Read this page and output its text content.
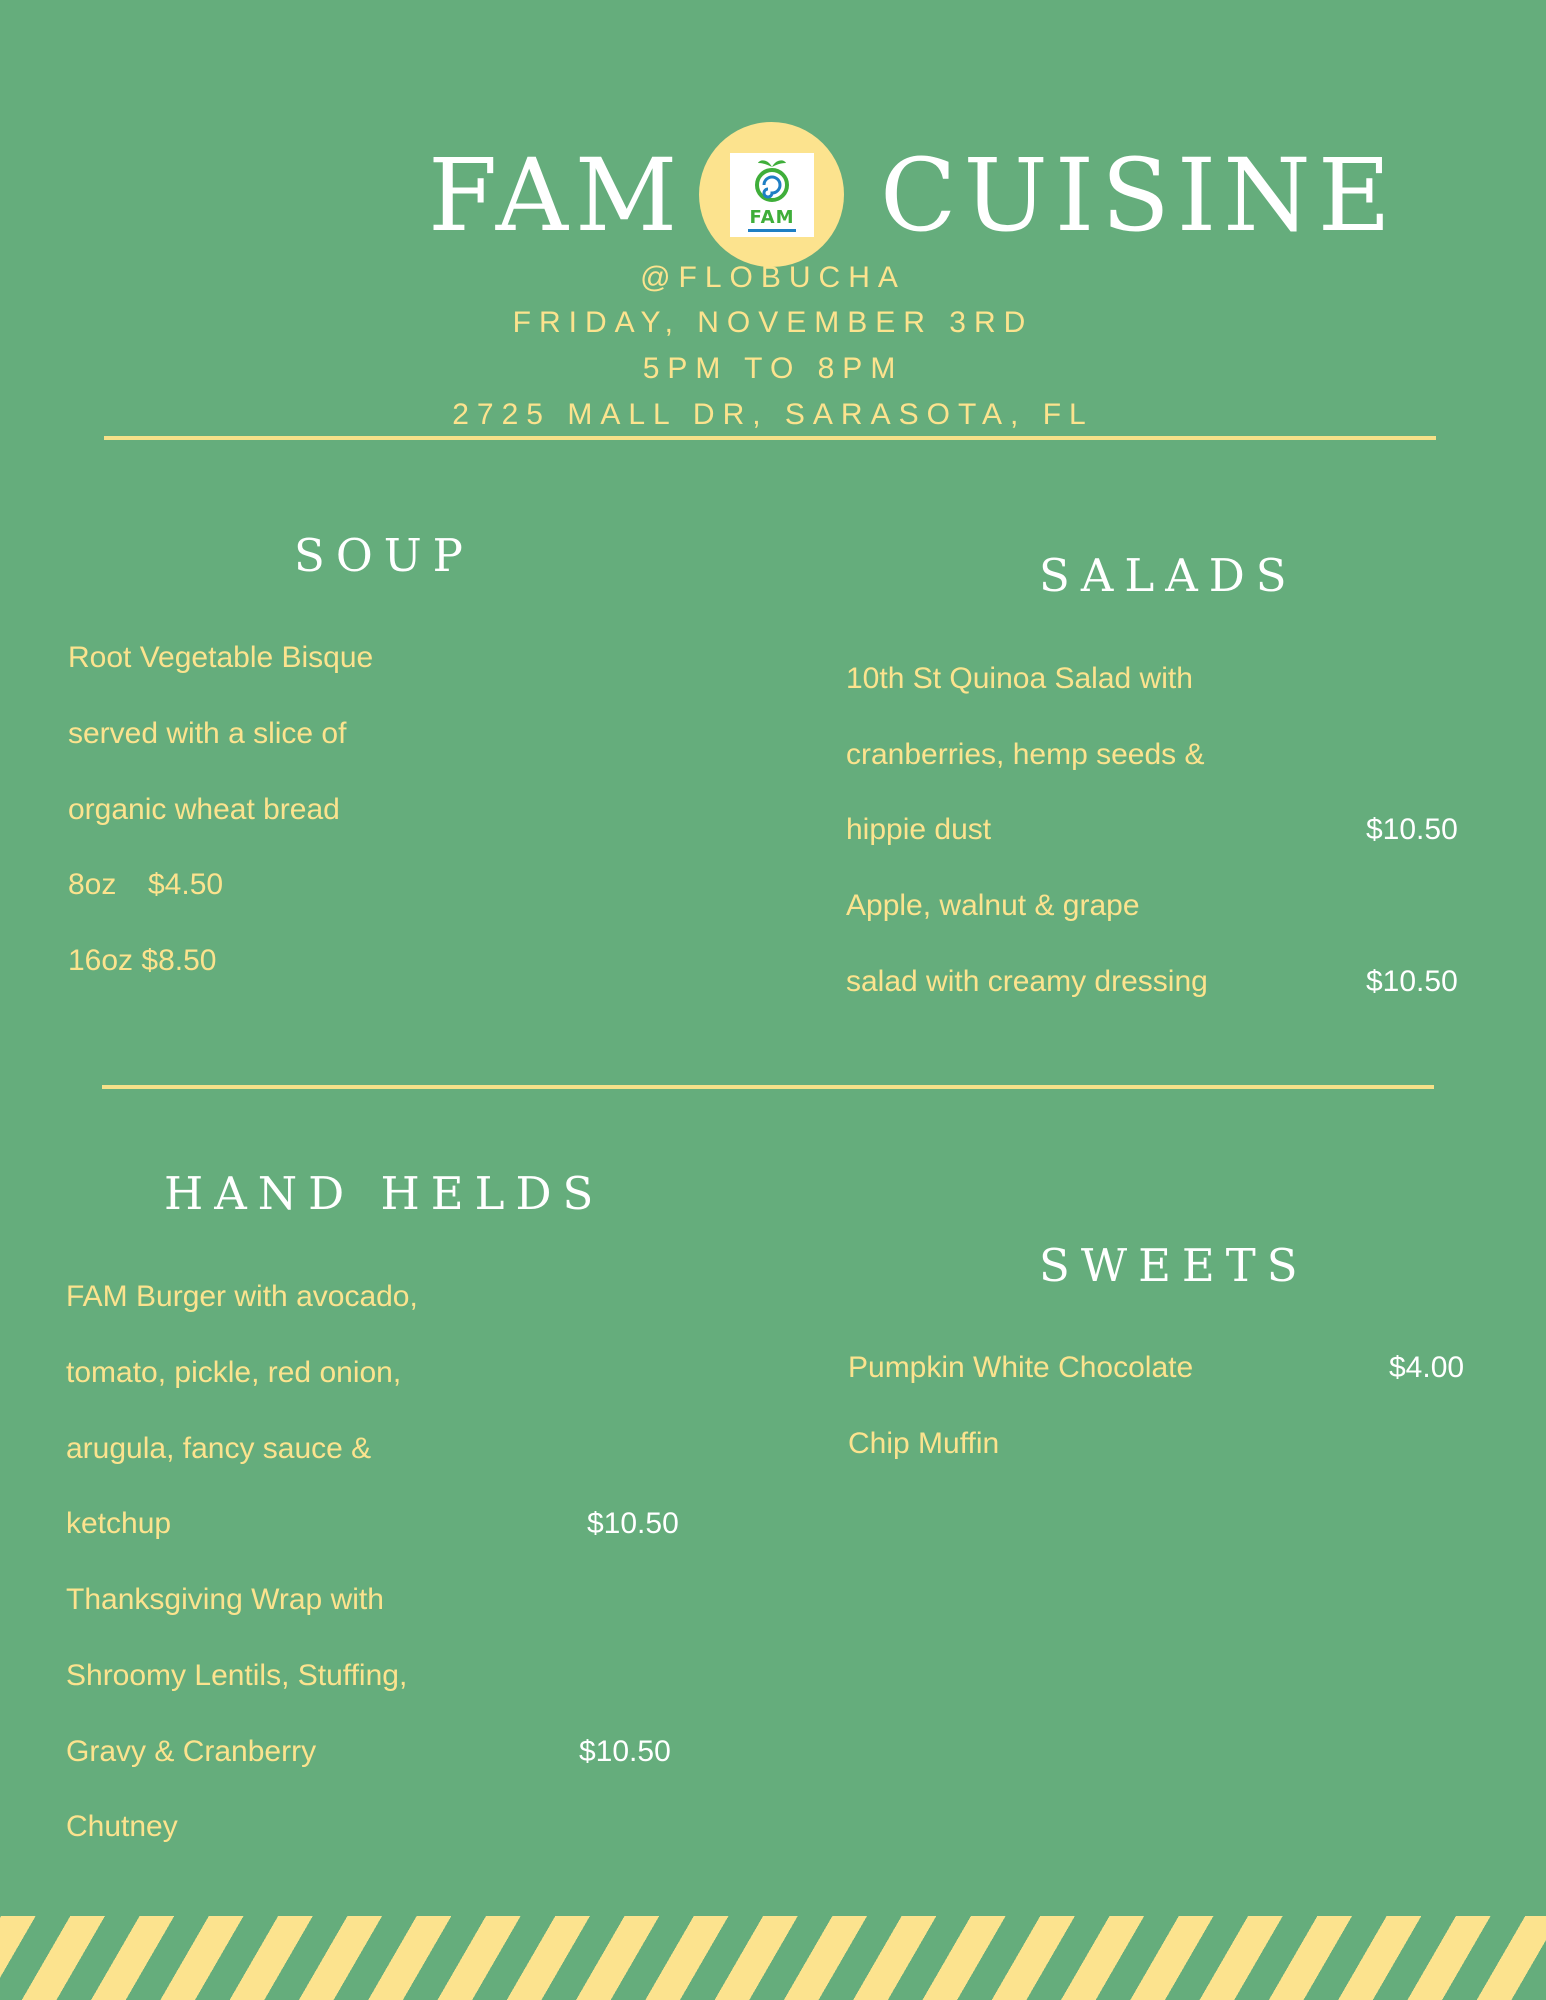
FAM CUISINE
FAM
@FLOBUCHA
FRIDAY, NOVEMBER 3RD
5PM TO 8PM
2725 MALL DR, SARASOTA, FL
SOUP
Root Vegetable Bisque
served with a slice of
organic wheat bread
8oz $4.50
16oz $8.50
SALADS
10th St Quinoa Salad with
cranberries, hemp seeds &
hippie dust	$10.50
Apple, walnut & grape
salad with creamy dressing	$10.50
HAND HELDS
FAM Burger with avocado,
tomato, pickle, red onion,
arugula, fancy sauce &
ketchup	$10.50
Thanksgiving Wrap with
Shroomy Lentils, Stuffing,
Gravy & Cranberry	$10.50
Chutney
SWEETS
Pumpkin White Chocolate	$4.00
Chip Muffin
